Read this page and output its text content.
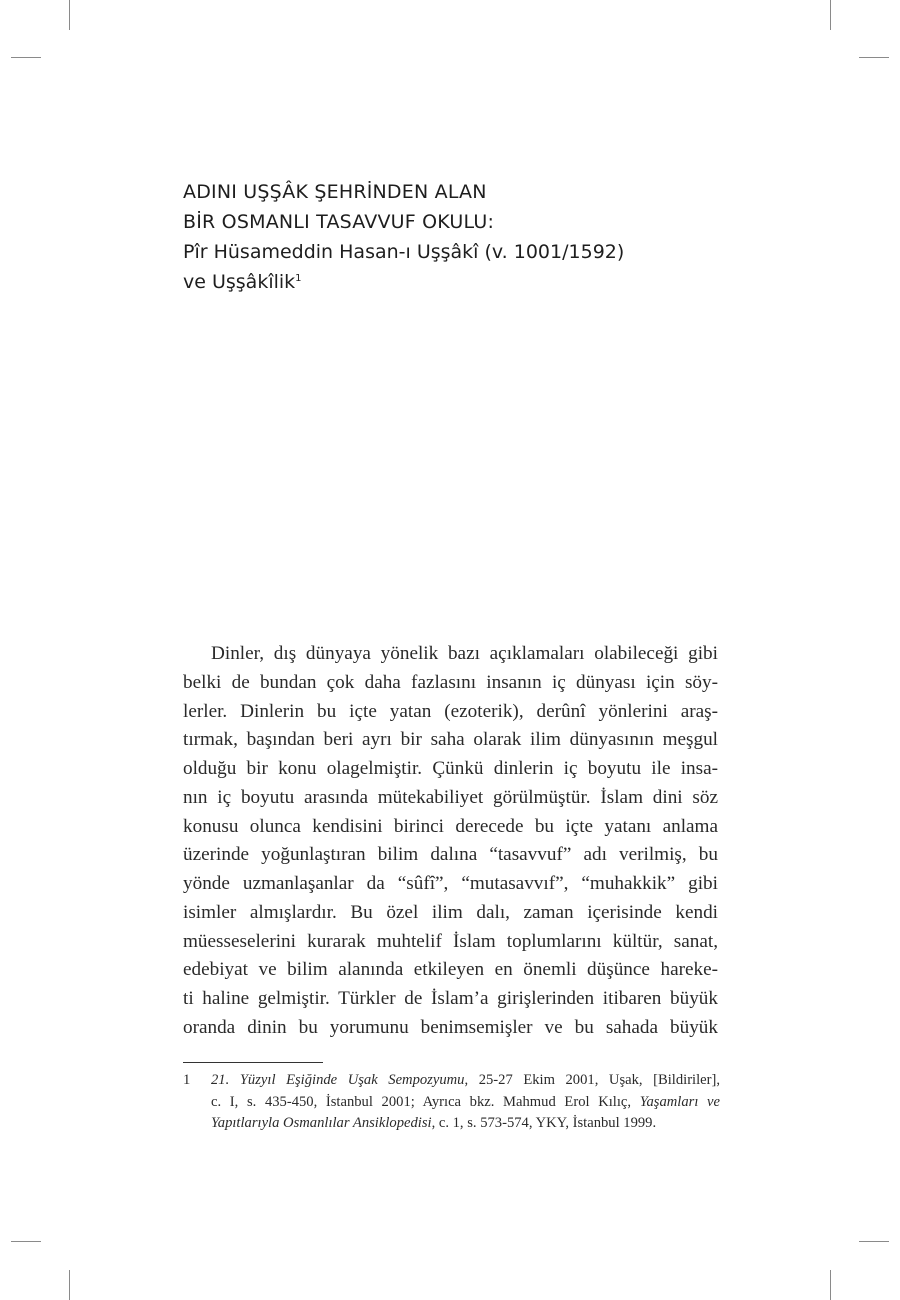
ADINI UŞŞÂK ŞEHRİNDEN ALAN
BİR OSMANLI TASAVVUF OKULU:
Pîr Hüsameddin Hasan-ı Uşşâkî (v. 1001/1592)
ve Uşşâkîlik$^1$
Dinler, dış dünyaya yönelik bazı açıklamaları olabileceği gibi
belki de bundan çok daha fazlasını insanın iç dünyası için söy-
lerler. Dinlerin bu içte yatan (ezoterik), derûnî yönlerini araş-
tırmak, başından beri ayrı bir saha olarak ilim dünyasının meşgul
olduğu bir konu olagelmiştir. Çünkü dinlerin iç boyutu ile insa-
nın iç boyutu arasında mütekabiliyet görülmüştür. İslam dini söz
konusu olunca kendisini birinci derecede bu içte yatanı anlama
üzerinde yoğunlaştıran bilim dalına “tasavvuf” adı verilmiş, bu
yönde uzmanlaşanlar da “sûfî”, “mutasavvıf”, “muhakkik” gibi
isimler almışlardır. Bu özel ilim dalı, zaman içerisinde kendi
müesseselerini kurarak muhtelif İslam toplumlarını kültür, sanat,
edebiyat ve bilim alanında etkileyen en önemli düşünce hareke-
ti haline gelmiştir. Türkler de İslam’a girişlerinden itibaren büyük
oranda dinin bu yorumunu benimsemişler ve bu sahada büyük
1 21. Yüzyıl Eşiğinde Uşak Sempozyumu, 25-27 Ekim 2001, Uşak, [Bildiriler],
c. I, s. 435-450, İstanbul 2001; Ayrıca bkz. Mahmud Erol Kılıç, Yaşamları ve
Yapıtlarıyla Osmanlılar Ansiklopedisi, c. 1, s. 573-574, YKY, İstanbul 1999.
